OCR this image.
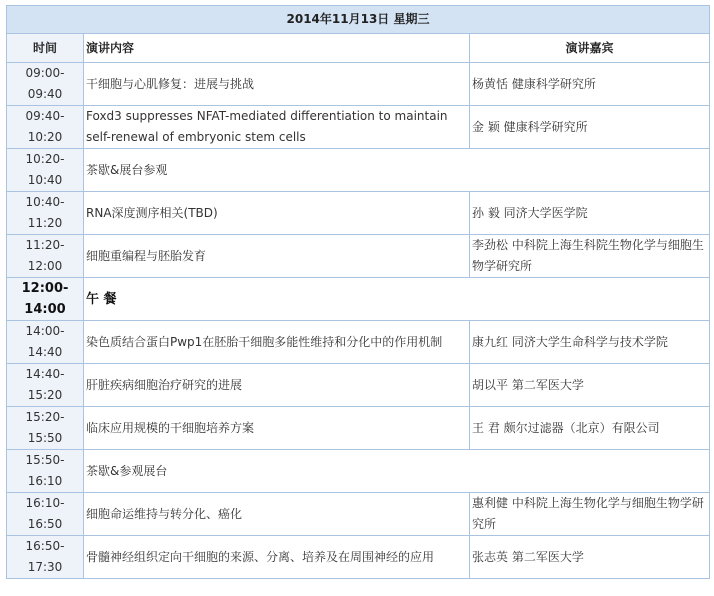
2014年11月13日 星期三		
时间	演讲内容	演讲嘉宾
09:00-09:40	干细胞与心肌修复：进展与挑战	杨黄恬 健康科学研究所
09:40-10:20	Foxd3 suppresses NFAT-mediated differentiation to maintain self-renewal of embryonic stem cells	金 颖 健康科学研究所
10:20-10:40	茶歇&展台参观	
10:40-11:20	RNA深度测序相关(TBD)	孙 毅 同济大学医学院
11:20-12:00	细胞重编程与胚胎发育	李劲松 中科院上海生科院生物化学与细胞生物学研究所
12:00-14:00	午 餐	
14:00-14:40	染色质结合蛋白Pwp1在胚胎干细胞多能性维持和分化中的作用机制	康九红 同济大学生命科学与技术学院
14:40-15:20	肝脏疾病细胞治疗研究的进展	胡以平 第二军医大学
15:20-15:50	临床应用规模的干细胞培养方案	王 君 颇尔过滤器（北京）有限公司
15:50-16:10	茶歇&参观展台	
16:10-16:50	细胞命运维持与转分化、癌化	惠利健 中科院上海生物化学与细胞生物学研究所
16:50-17:30	骨髓神经组织定向干细胞的来源、分离、培养及在周围神经的应用	张志英 第二军医大学
